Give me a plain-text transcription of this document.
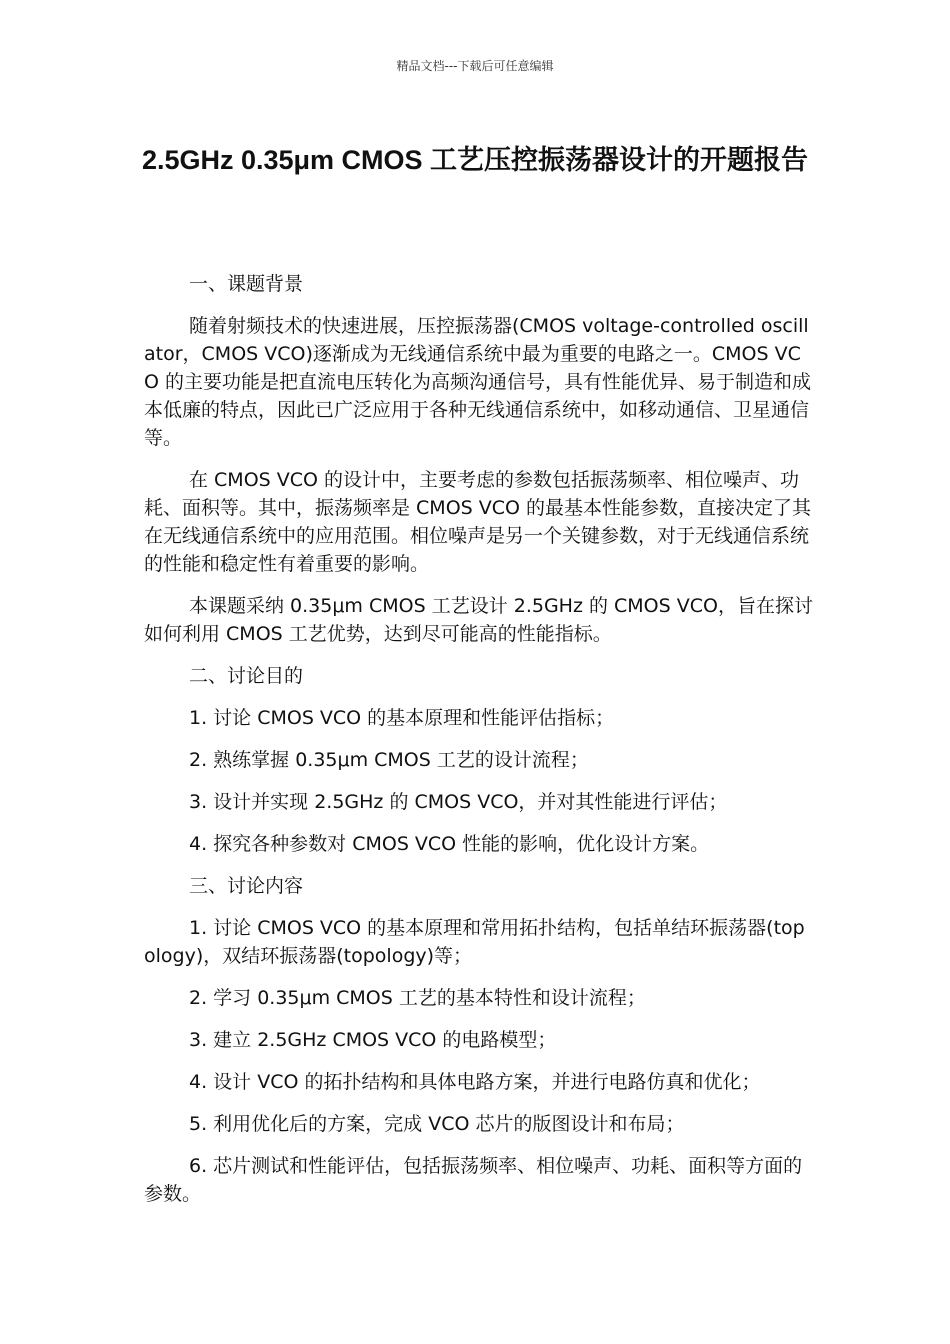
精品文档---下载后可任意编辑
2.5GHz 0.35μm CMOS 工艺压控振荡器设计的开题报告

一、课题背景

随着射频技术的快速进展，压控振荡器(CMOS voltage-controlled oscillator，CMOS VCO)逐渐成为无线通信系统中最为重要的电路之一。CMOS VCO 的主要功能是把直流电压转化为高频沟通信号，具有性能优异、易于制造和成本低廉的特点，因此已广泛应用于各种无线通信系统中，如移动通信、卫星通信等。

在 CMOS VCO 的设计中，主要考虑的参数包括振荡频率、相位噪声、功耗、面积等。其中，振荡频率是 CMOS VCO 的最基本性能参数，直接决定了其在无线通信系统中的应用范围。相位噪声是另一个关键参数，对于无线通信系统的性能和稳定性有着重要的影响。

本课题采纳 0.35μm CMOS 工艺设计 2.5GHz 的 CMOS VCO，旨在探讨如何利用 CMOS 工艺优势，达到尽可能高的性能指标。

二、讨论目的

1. 讨论 CMOS VCO 的基本原理和性能评估指标；

2. 熟练掌握 0.35μm CMOS 工艺的设计流程；

3. 设计并实现 2.5GHz 的 CMOS VCO，并对其性能进行评估；

4. 探究各种参数对 CMOS VCO 性能的影响，优化设计方案。

三、讨论内容

1. 讨论 CMOS VCO 的基本原理和常用拓扑结构，包括单结环振荡器(topology)，双结环振荡器(topology)等；

2. 学习 0.35μm CMOS 工艺的基本特性和设计流程；

3. 建立 2.5GHz CMOS VCO 的电路模型；

4. 设计 VCO 的拓扑结构和具体电路方案，并进行电路仿真和优化；

5. 利用优化后的方案，完成 VCO 芯片的版图设计和布局；

6. 芯片测试和性能评估，包括振荡频率、相位噪声、功耗、面积等方面的参数。
